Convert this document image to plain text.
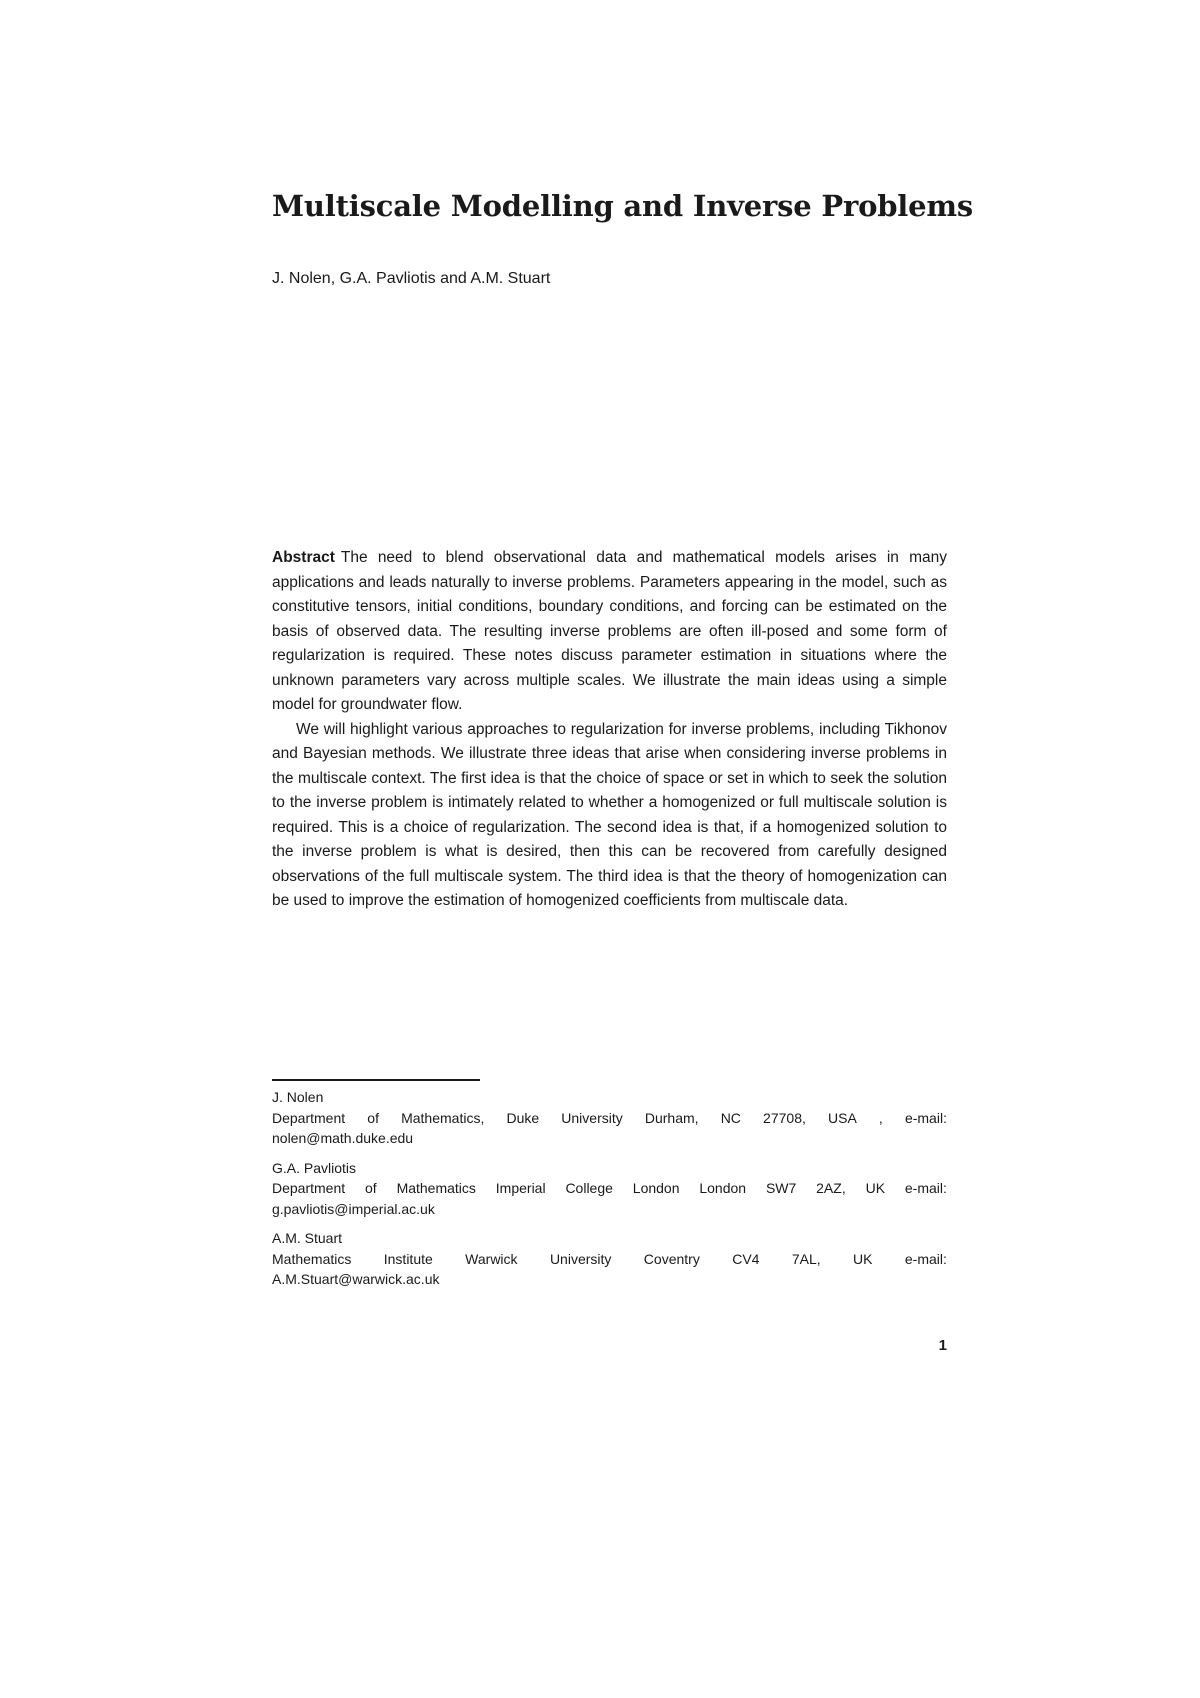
Multiscale Modelling and Inverse Problems
J. Nolen, G.A. Pavliotis and A.M. Stuart

Abstract The need to blend observational data and mathematical models arises in many applications and leads naturally to inverse problems. Parameters appearing in the model, such as constitutive tensors, initial conditions, boundary conditions, and forcing can be estimated on the basis of observed data. The resulting inverse problems are often ill-posed and some form of regularization is required. These notes discuss parameter estimation in situations where the unknown parameters vary across multiple scales. We illustrate the main ideas using a simple model for groundwater flow.

We will highlight various approaches to regularization for inverse problems, including Tikhonov and Bayesian methods. We illustrate three ideas that arise when considering inverse problems in the multiscale context. The first idea is that the choice of space or set in which to seek the solution to the inverse problem is intimately related to whether a homogenized or full multiscale solution is required. This is a choice of regularization. The second idea is that, if a homogenized solution to the inverse problem is what is desired, then this can be recovered from carefully designed observations of the full multiscale system. The third idea is that the theory of homogenization can be used to improve the estimation of homogenized coefficients from multiscale data.

J. Nolen
Department of Mathematics, Duke University Durham, NC 27708, USA , e-mail:
nolen@math.duke.edu
G.A. Pavliotis
Department of Mathematics Imperial College London London SW7 2AZ, UK e-mail:
g.pavliotis@imperial.ac.uk
A.M. Stuart
Mathematics Institute Warwick University Coventry CV4 7AL, UK e-mail:
A.M.Stuart@warwick.ac.uk
1
